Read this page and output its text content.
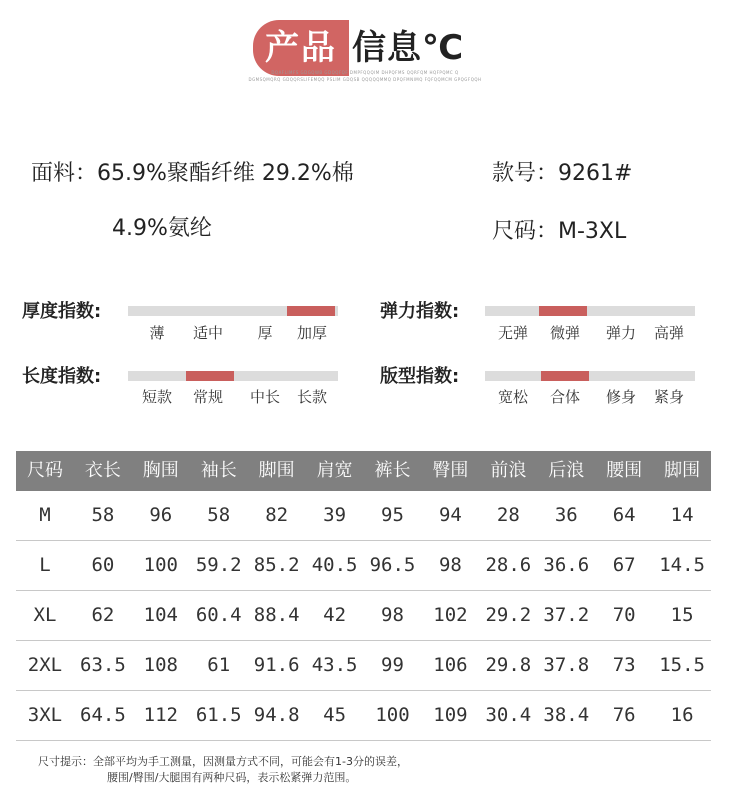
产品 信息℃
DQAFLIMFS GDGQWB GDQQFQF DMPFQQQIM DHPQFMS QQRFQM HQFPQMC Q
DGMSQMQRQ GDQQRSLIFEMQQ PSLIM GDQSB QQQQQMMQ DPQFMNIMQ FQFQQMCM GPQGFQQH
面料：65.9%聚酯纤维 29.2%棉
4.9%氨纶
款号：9261#
尺码：M-3XL
厚度指数:
薄	适中	厚	加厚
弹力指数:
无弹	微弹	弹力	高弹
长度指数:
短款	常规	中长	长款
版型指数:
宽松	合体	修身	紧身
尺码	衣长	胸围	袖长	脚围	肩宽	裤长	臀围	前浪	后浪	腰围	脚围
M	58	96	58	82	39	95	94	28	36	64	14
L	60	100 59.2 85.2 40.5 96.5	98	28.6 36.6	67	14.5
XL	62	104 60.4 88.4	42	98	102 29.2 37.2	70	15
2XL 63.5 108	61	91.6 43.5	99	106 29.8 37.8	73	15.5
3XL 64.5 112 61.5 94.8	45	100	109 30.4 38.4	76	16
尺寸提示：全部平均为手工测量，因测量方式不同，可能会有1-3分的误差，
腰围/臀围/大腿围有两种尺码，表示松紧弹力范围。
